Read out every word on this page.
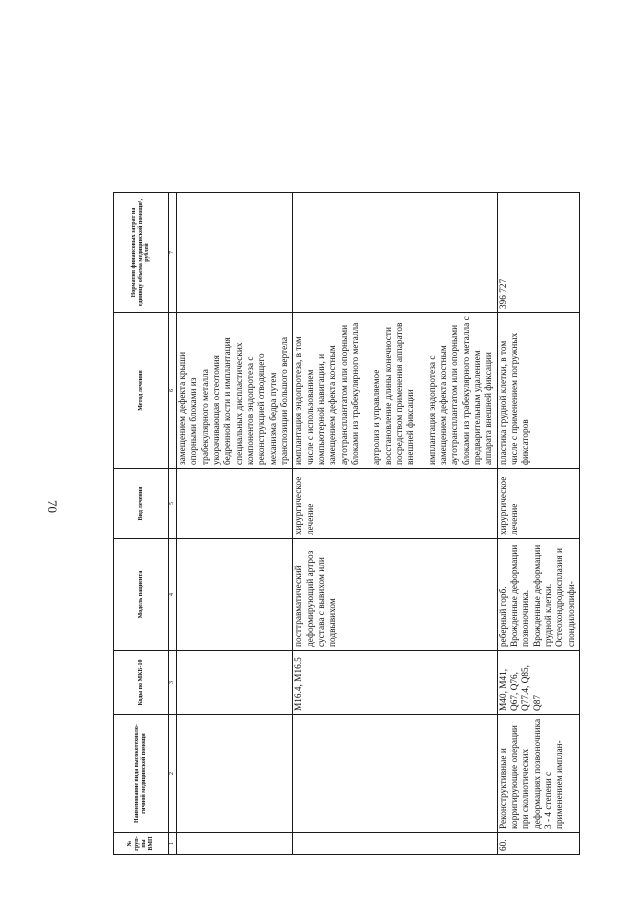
70
№ груп-пы ВМП	Наименование вида высокотехноло-гичной медицинской помощи	Коды по МКБ-10	Модель пациента	Вид лечения	Метод лечения	Норматив финансовых затрат на единицу объема медицинской помощи¹, рублей
1	2	3	4	5	6	7
					замещением дефекта крыши опорными блоками из трабекулярного металла укорачивающая остеотомия бедренной кости и имплантация специальных диспластических компонентов эндопротеза с реконструкцией отводящего механизма бедра путем транспозиции большого вертела	
		M16.4, M16.5	посттравматический деформирующий артроз сустава с вывихом или подвывихом	хирургическое лечение	имплантация эндопротеза, в том числе с использованием компьютерной навигации, и замещением дефекта костным аутотрансплантатом или опорными блоками из трабекулярного металла артролиз и управляемое восстановление длины конечности посредством применения аппаратов внешней фиксации имплантация эндопротеза с замещением дефекта костным аутотрансплантатом или опорными блоками из трабекулярного металла с предварительным удалением аппарата внешней фиксации	

60.	Реконструктивные и корригирующие операции при сколиотических деформациях позвоночника 3 - 4 степени с применением имплан-	M40, M41, Q67, Q76, Q77.4, Q85, Q87	реберный горб. Врожденные деформации позвоночника. Врожденные деформации грудной клетки. Остеохондродисплазия и спондилоэпифи-	хирургическое лечение	пластика грудной клетки, в том числе с применением погружных фиксаторов	396 727
